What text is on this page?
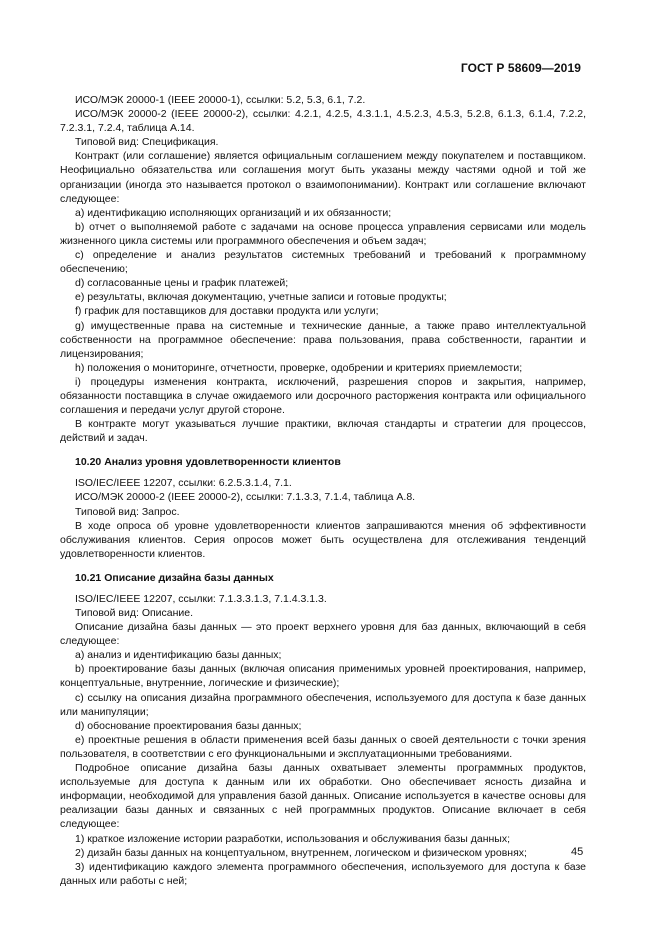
ГОСТ Р 58609—2019

ИСО/МЭК 20000-1 (IEEE 20000-1), ссылки: 5.2, 5.3, 6.1, 7.2.

ИСО/МЭК 20000-2 (IEEE 20000-2), ссылки: 4.2.1, 4.2.5, 4.3.1.1, 4.5.2.3, 4.5.3, 5.2.8, 6.1.3, 6.1.4, 7.2.2, 7.2.3.1, 7.2.4, таблица А.14.

Типовой вид: Спецификация.

Контракт (или соглашение) является официальным соглашением между покупателем и поставщиком. Неофициально обязательства или соглашения могут быть указаны между частями одной и той же организации (иногда это называется протокол о взаимопонимании). Контракт или соглашение включают следующее:

a) идентификацию исполняющих организаций и их обязанности;

b) отчет о выполняемой работе с задачами на основе процесса управления сервисами или модель жизненного цикла системы или программного обеспечения и объем задач;

c) определение и анализ результатов системных требований и требований к программному обеспечению;

d) согласованные цены и график платежей;

e) результаты, включая документацию, учетные записи и готовые продукты;

f) график для поставщиков для доставки продукта или услуги;

g) имущественные права на системные и технические данные, а также право интеллектуальной собственности на программное обеспечение: права пользования, права собственности, гарантии и лицензирования;

h) положения о мониторинге, отчетности, проверке, одобрении и критериях приемлемости;

i) процедуры изменения контракта, исключений, разрешения споров и закрытия, например, обязанности поставщика в случае ожидаемого или досрочного расторжения контракта или официального соглашения и передачи услуг другой стороне.

В контракте могут указываться лучшие практики, включая стандарты и стратегии для процессов, действий и задач.

10.20 Анализ уровня удовлетворенности клиентов

ISO/IEC/IEEE 12207, ссылки: 6.2.5.3.1.4, 7.1.

ИСО/МЭК 20000-2 (IEEE 20000-2), ссылки: 7.1.3.3, 7.1.4, таблица А.8.

Типовой вид: Запрос.

В ходе опроса об уровне удовлетворенности клиентов запрашиваются мнения об эффективности обслуживания клиентов. Серия опросов может быть осуществлена для отслеживания тенденций удовлетворенности клиентов.

10.21 Описание дизайна базы данных

ISO/IEC/IEEE 12207, ссылки: 7.1.3.3.1.3, 7.1.4.3.1.3.

Типовой вид: Описание.

Описание дизайна базы данных — это проект верхнего уровня для баз данных, включающий в себя следующее:

a) анализ и идентификацию базы данных;

b) проектирование базы данных (включая описания применимых уровней проектирования, например, концептуальные, внутренние, логические и физические);

c) ссылку на описания дизайна программного обеспечения, используемого для доступа к базе данных или манипуляции;

d) обоснование проектирования базы данных;

e) проектные решения в области применения всей базы данных о своей деятельности с точки зрения пользователя, в соответствии с его функциональными и эксплуатационными требованиями.

Подробное описание дизайна базы данных охватывает элементы программных продуктов, используемые для доступа к данным или их обработки. Оно обеспечивает ясность дизайна и информации, необходимой для управления базой данных. Описание используется в качестве основы для реализации базы данных и связанных с ней программных продуктов. Описание включает в себя следующее:

1) краткое изложение истории разработки, использования и обслуживания базы данных;

2) дизайн базы данных на концептуальном, внутреннем, логическом и физическом уровнях;

3) идентификацию каждого элемента программного обеспечения, используемого для доступа к базе данных или работы с ней;

45
